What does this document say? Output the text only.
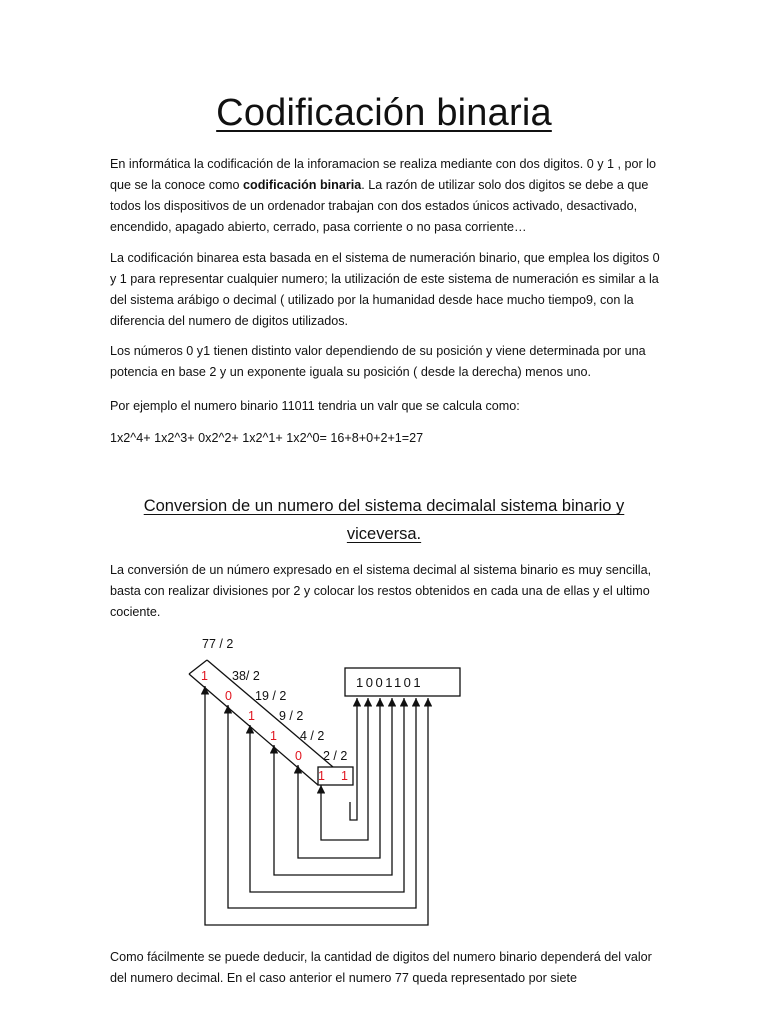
Codificación binaria

En informática la codificación de la inforamacion se realiza mediante con dos digitos. 0 y 1 , por lo que se la conoce como codificación binaria. La razón de utilizar solo dos digitos se debe a que todos los dispositivos de un ordenador trabajan con dos estados únicos activado, desactivado, encendido, apagado abierto, cerrado, pasa corriente o no pasa corriente…

La codificación binarea esta basada en el sistema de numeración binario, que emplea los digitos 0 y 1 para representar cualquier numero; la utilización de este sistema de numeración es similar a la del sistema arábigo o decimal ( utilizado por la humanidad desde hace mucho tiempo9, con la diferencia del numero de digitos utilizados.

Los números 0 y1 tienen distinto valor dependiendo de su posición y viene determinada por una potencia en base 2 y un exponente iguala su posición ( desde la derecha) menos uno.

Por ejemplo el numero binario 11011 tendria un valr que se calcula como:

1x2^4+ 1x2^3+ 0x2^2+ 1x2^1+ 1x2^0= 16+8+0+2+1=27

Conversion de un numero del sistema decimalal sistema binario y viceversa.

La conversión de un número expresado en el sistema decimal al sistema binario es muy sencilla, basta con realizar divisiones por 2 y colocar los restos obtenidos en cada una de ellas y el ultimo cociente.

1001101
77 / 2
38/ 2
19 / 2
9 / 2
4 / 2
2 / 2
1
0
1
1
0
1 1

Como fácilmente se puede deducir, la cantidad de digitos del numero binario dependerá del valor del numero decimal. En el caso anterior el numero 77 queda representado por siete
